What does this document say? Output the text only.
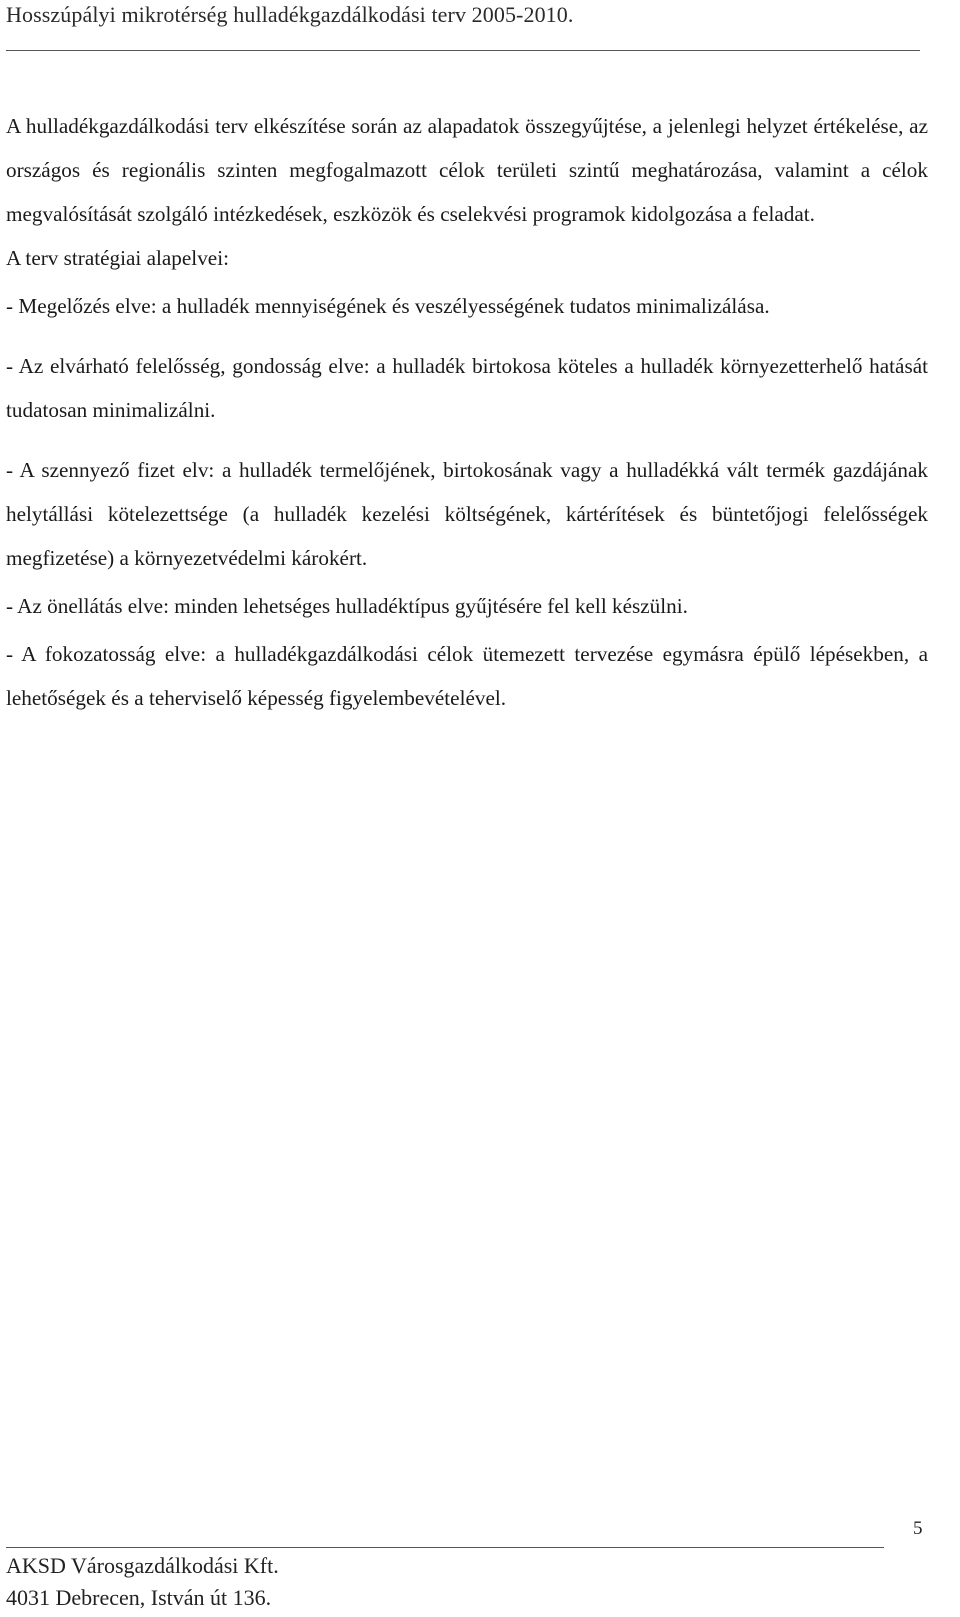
Hosszúpályi mikrotérség hulladékgazdálkodási terv 2005-2010.

A hulladékgazdálkodási terv elkészítése során az alapadatok összegyűjtése, a jelenlegi helyzet értékelése, az országos és regionális szinten megfogalmazott célok területi szintű meghatározása, valamint a célok megvalósítását szolgáló intézkedések, eszközök és cselekvési programok kidolgozása a feladat.

A terv stratégiai alapelvei:

- Megelőzés elve: a hulladék mennyiségének és veszélyességének tudatos minimalizálása.

- Az elvárható felelősség, gondosság elve: a hulladék birtokosa köteles a hulladék környezetterhelő hatását tudatosan minimalizálni.

- A szennyező fizet elv: a hulladék termelőjének, birtokosának vagy a hulladékká vált termék gazdájának helytállási kötelezettsége (a hulladék kezelési költségének, kártérítések és büntetőjogi felelősségek megfizetése) a környezetvédelmi károkért.

- Az önellátás elve: minden lehetséges hulladéktípus gyűjtésére fel kell készülni.

- A fokozatosság elve: a hulladékgazdálkodási célok ütemezett tervezése egymásra épülő lépésekben, a lehetőségek és a teherviselő képesség figyelembevételével.

5
AKSD Városgazdálkodási Kft.
4031 Debrecen, István út 136.
